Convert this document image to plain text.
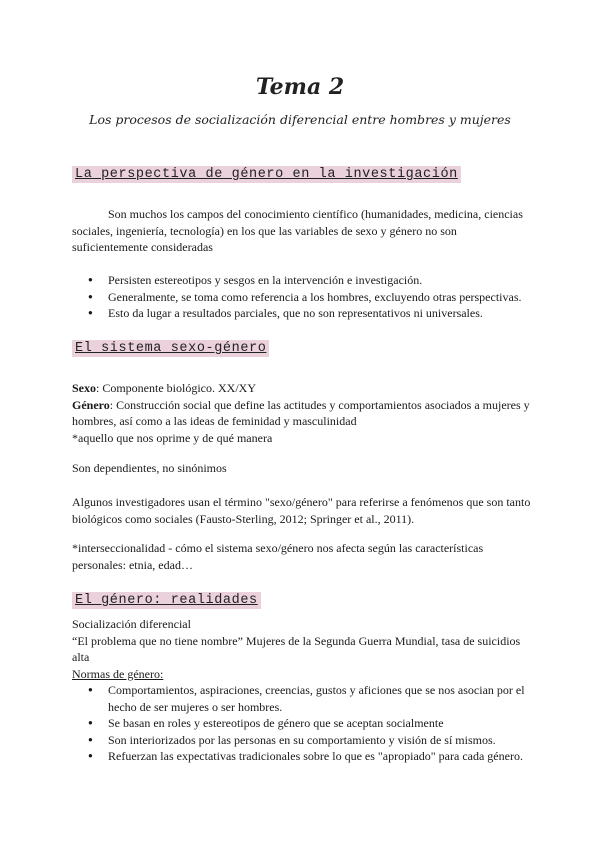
Tema 2
Los procesos de socialización diferencial entre hombres y mujeres
La perspectiva de género en la investigación

Son muchos los campos del conocimiento científico (humanidades, medicina, ciencias sociales, ingeniería, tecnología) en los que las variables de sexo y género no son suficientemente consideradas

● Persisten estereotipos y sesgos en la intervención e investigación.
● Generalmente, se toma como referencia a los hombres, excluyendo otras perspectivas.
● Esto da lugar a resultados parciales, que no son representativos ni universales.
El sistema sexo-género

Sexo: Componente biológico. XX/XY

Género: Construcción social que define las actitudes y comportamientos asociados a mujeres y hombres, así como a las ideas de feminidad y masculinidad

*aquello que nos oprime y de qué manera

Son dependientes, no sinónimos
Algunos investigadores usan el término "sexo/género" para referirse a fenómenos que son tanto biológicos como sociales (Fausto-Sterling, 2012; Springer et al., 2011).
*interseccionalidad - cómo el sistema sexo/género nos afecta según las características personales: etnia, edad…
El género: realidades

Socialización diferencial

“El problema que no tiene nombre” Mujeres de la Segunda Guerra Mundial, tasa de suicidios alta

Normas de género:

● Comportamientos, aspiraciones, creencias, gustos y aficiones que se nos asocian por el hecho de ser mujeres o ser hombres.
● Se basan en roles y estereotipos de género que se aceptan socialmente
● Son interiorizados por las personas en su comportamiento y visión de sí mismos.
● Refuerzan las expectativas tradicionales sobre lo que es "apropiado" para cada género.
